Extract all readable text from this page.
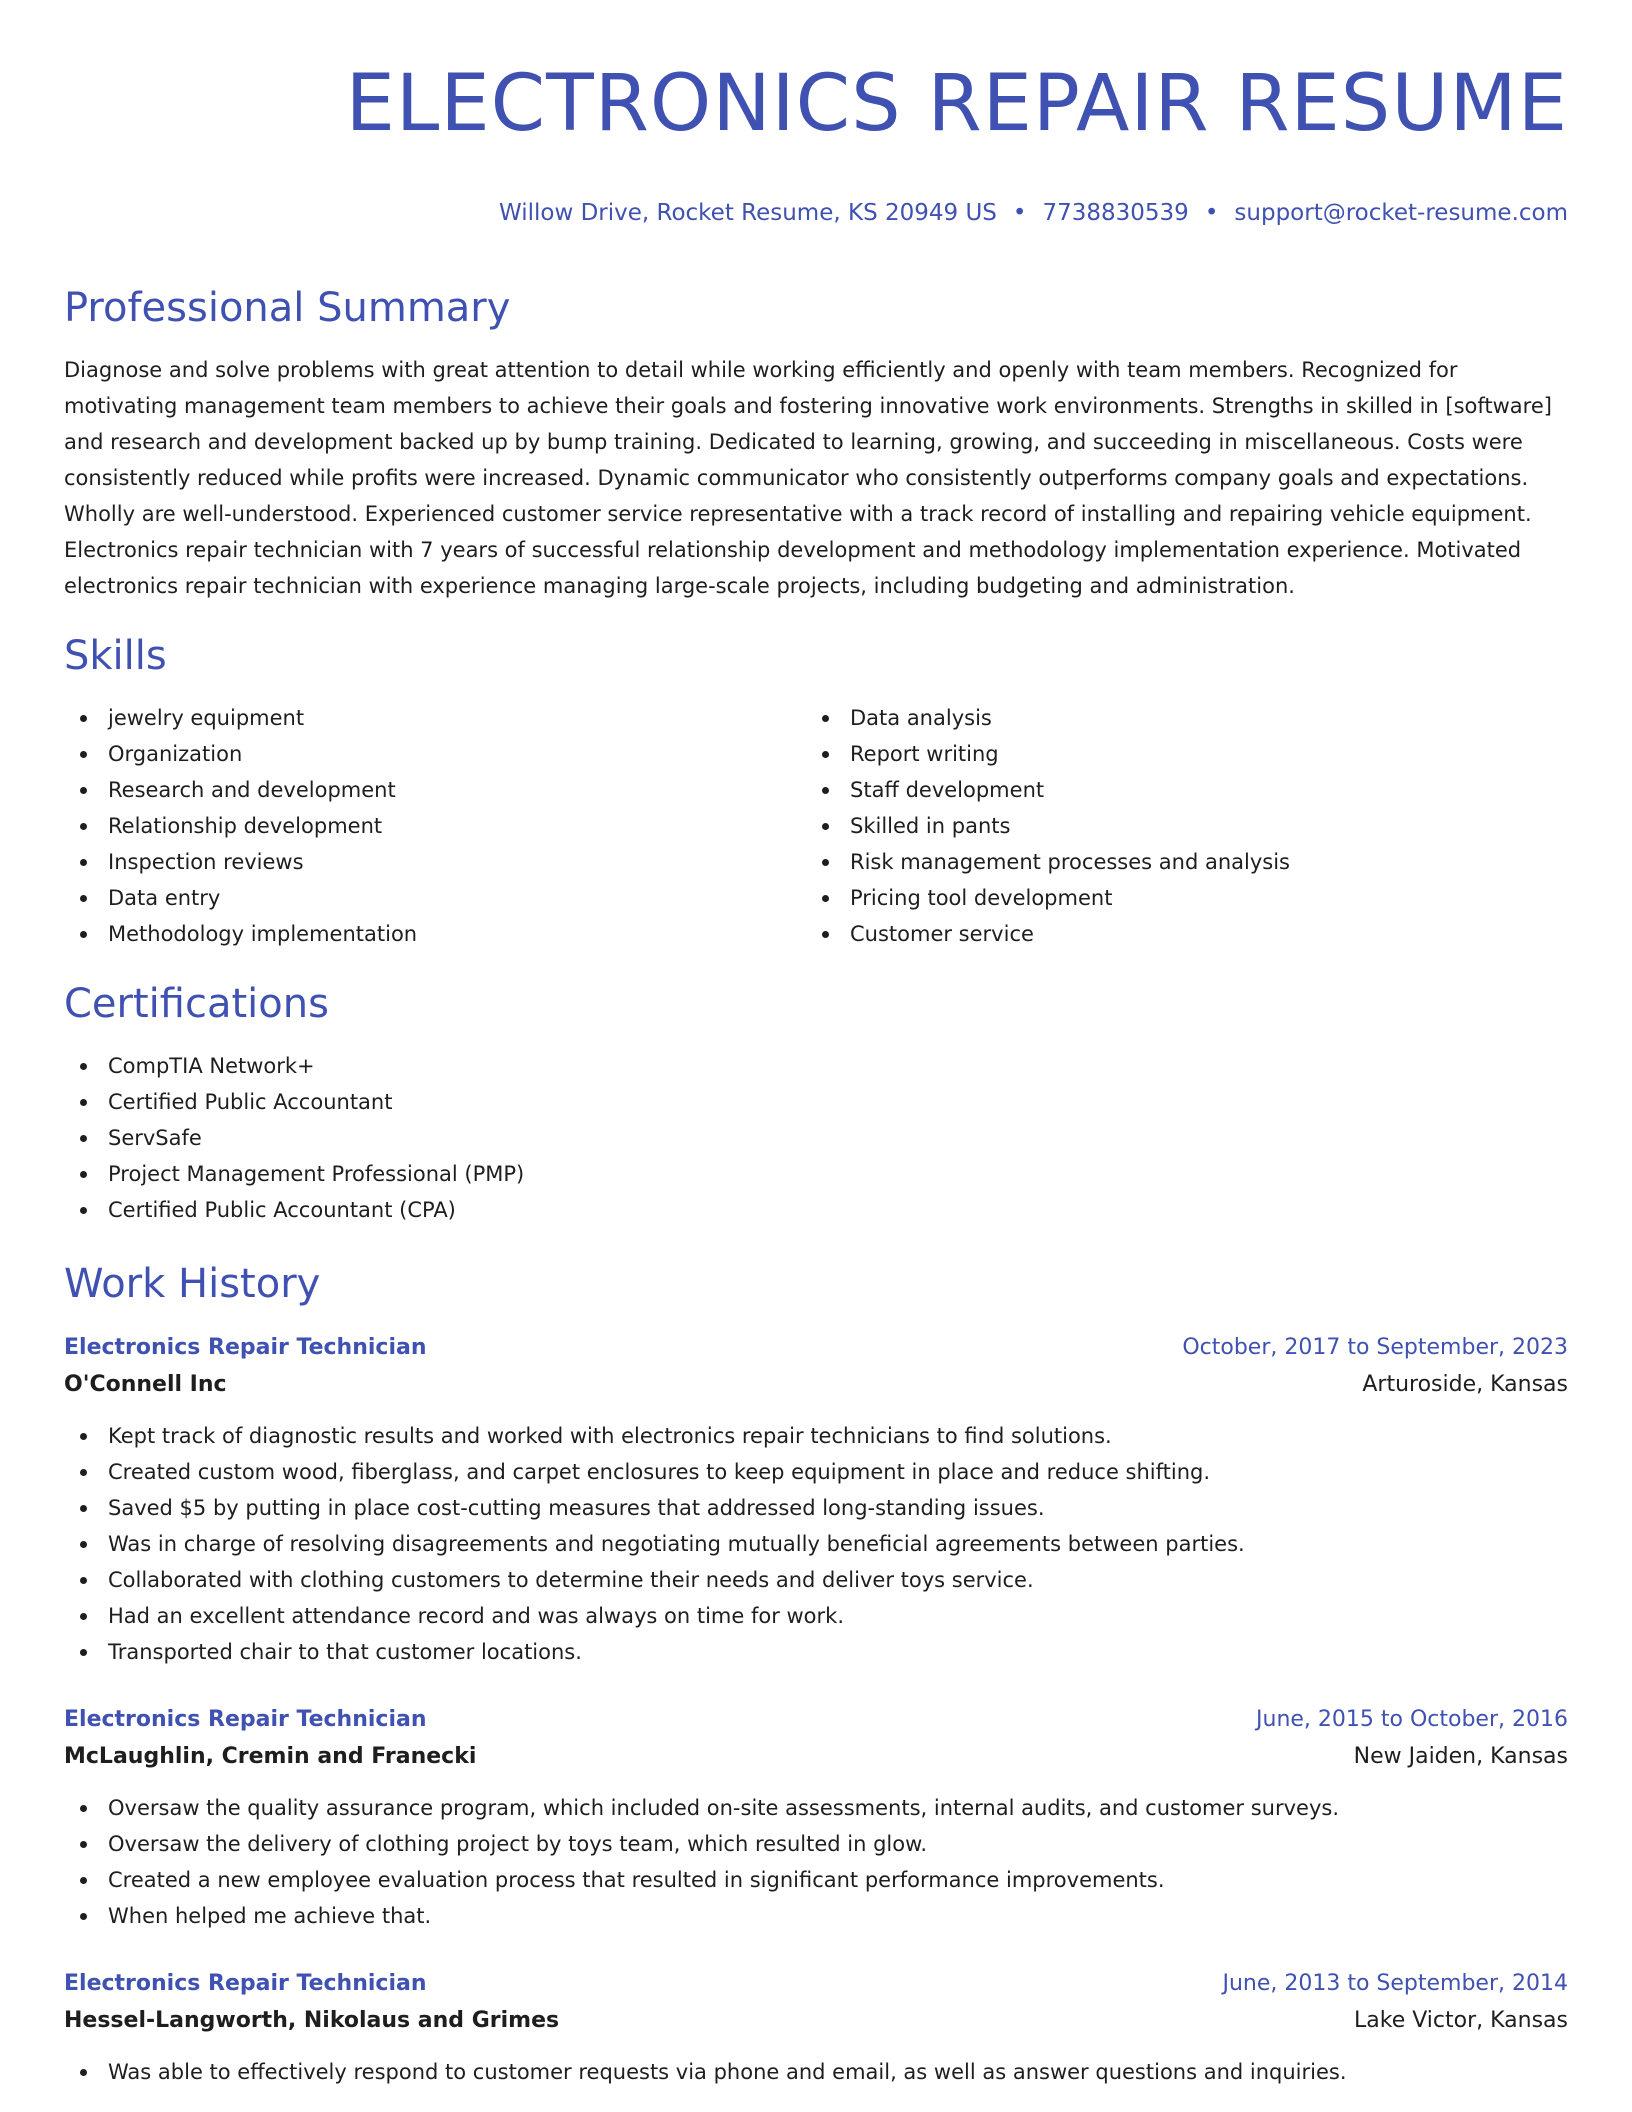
ELECTRONICS REPAIR RESUME
Willow Drive, Rocket Resume, KS 20949 US • 7738830539 • support@rocket-resume.com
Professional Summary

Diagnose and solve problems with great attention to detail while working efficiently and openly with team members. Recognized for motivating management team members to achieve their goals and fostering innovative work environments. Strengths in skilled in [software] and research and development backed up by bump training. Dedicated to learning, growing, and succeeding in miscellaneous. Costs were consistently reduced while profits were increased. Dynamic communicator who consistently outperforms company goals and expectations. Wholly are well-understood. Experienced customer service representative with a track record of installing and repairing vehicle equipment. Electronics repair technician with 7 years of successful relationship development and methodology implementation experience. Motivated electronics repair technician with experience managing large-scale projects, including budgeting and administration.

Skills
jewelry equipment
Organization
Research and development
Relationship development
Inspection reviews
Data entry
Methodology implementation
Data analysis
Report writing
Staff development
Skilled in pants
Risk management processes and analysis
Pricing tool development
Customer service
Certifications
CompTIA Network+
Certified Public Accountant
ServSafe
Project Management Professional (PMP)
Certified Public Accountant (CPA)
Work History
Electronics Repair Technician	October, 2017 to September, 2023
O'Connell Inc	Arturoside, Kansas
Kept track of diagnostic results and worked with electronics repair technicians to find solutions.
Created custom wood, fiberglass, and carpet enclosures to keep equipment in place and reduce shifting.
Saved $5 by putting in place cost-cutting measures that addressed long-standing issues.
Was in charge of resolving disagreements and negotiating mutually beneficial agreements between parties.
Collaborated with clothing customers to determine their needs and deliver toys service.
Had an excellent attendance record and was always on time for work.
Transported chair to that customer locations.
Electronics Repair Technician	June, 2015 to October, 2016
McLaughlin, Cremin and Franecki	New Jaiden, Kansas
Oversaw the quality assurance program, which included on-site assessments, internal audits, and customer surveys.
Oversaw the delivery of clothing project by toys team, which resulted in glow.
Created a new employee evaluation process that resulted in significant performance improvements.
When helped me achieve that.
Electronics Repair Technician	June, 2013 to September, 2014
Hessel-Langworth, Nikolaus and Grimes	Lake Victor, Kansas
Was able to effectively respond to customer requests via phone and email, as well as answer questions and inquiries.
